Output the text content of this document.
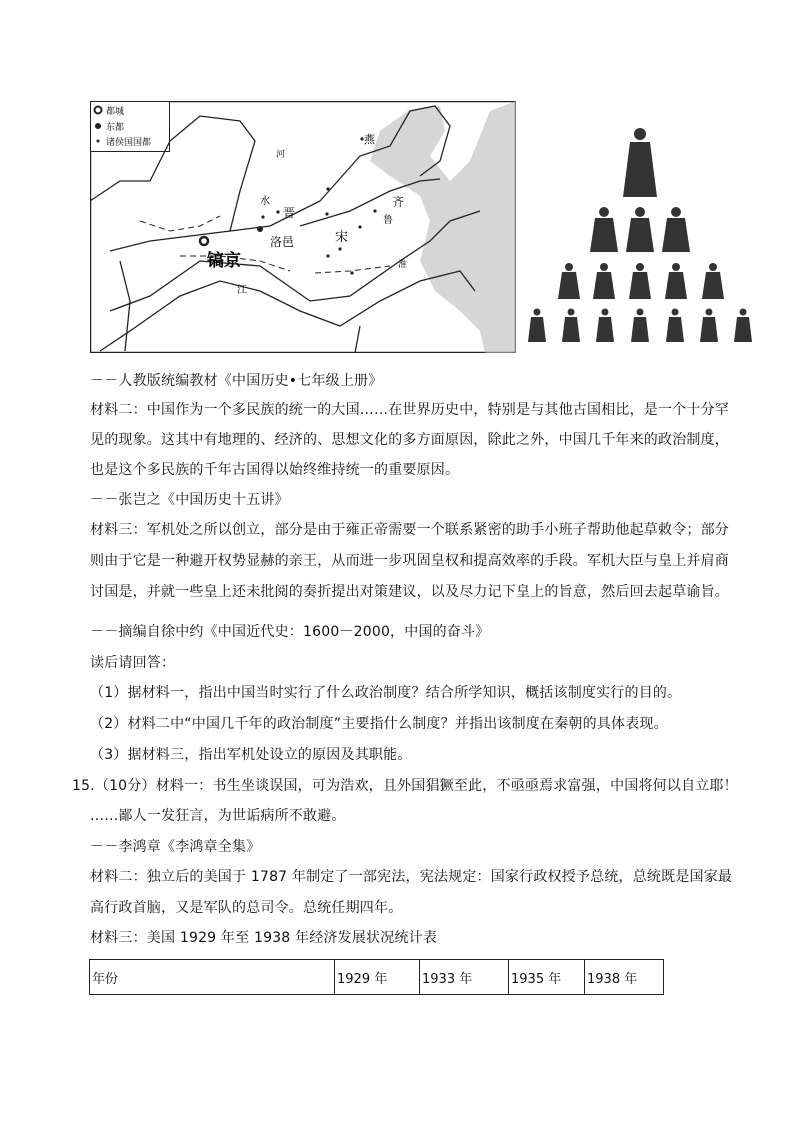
都城
东都
诸侯国国都
镐京
洛邑
晋
宋
齐
鲁
燕
河
水
江
淮
－－人教版统编教材《中国历史•七年级上册》
材料二：中国作为一个多民族的统一的大国……在世界历史中，特别是与其他古国相比，是一个十分罕
见的现象。这其中有地理的、经济的、思想文化的多方面原因，除此之外，中国几千年来的政治制度，
也是这个多民族的千年古国得以始终维持统一的重要原因。
－－张岂之《中国历史十五讲》
材料三：军机处之所以创立，部分是由于雍正帝需要一个联系紧密的助手小班子帮助他起草敕令；部分
则由于它是一种避开权势显赫的亲王，从而进一步巩固皇权和提高效率的手段。军机大臣与皇上并肩商
讨国是，并就一些皇上还未批阅的奏折提出对策建议，以及尽力记下皇上的旨意，然后回去起草谕旨。
－－摘编自徐中约《中国近代史：1600－2000，中国的奋斗》
读后请回答：
（1）据材料一，指出中国当时实行了什么政治制度？结合所学知识，概括该制度实行的目的。
（2）材料二中“中国几千年的政治制度”主要指什么制度？并指出该制度在秦朝的具体表现。
（3）据材料三，指出军机处设立的原因及其职能。
15.（10分）材料一：书生坐谈误国，可为浩欢，且外国猖獗至此，不亟亟焉求富强，中国将何以自立耶！
……鄙人一发狂言，为世诟病所不敢避。
－－李鸿章《李鸿章全集》
材料二：独立后的美国于 1787 年制定了一部宪法，宪法规定：国家行政权授予总统，总统既是国家最
高行政首脑，又是军队的总司令。总统任期四年。
材料三：美国 1929 年至 1938 年经济发展状况统计表
年份	1929 年	1933 年	1935 年	1938 年
